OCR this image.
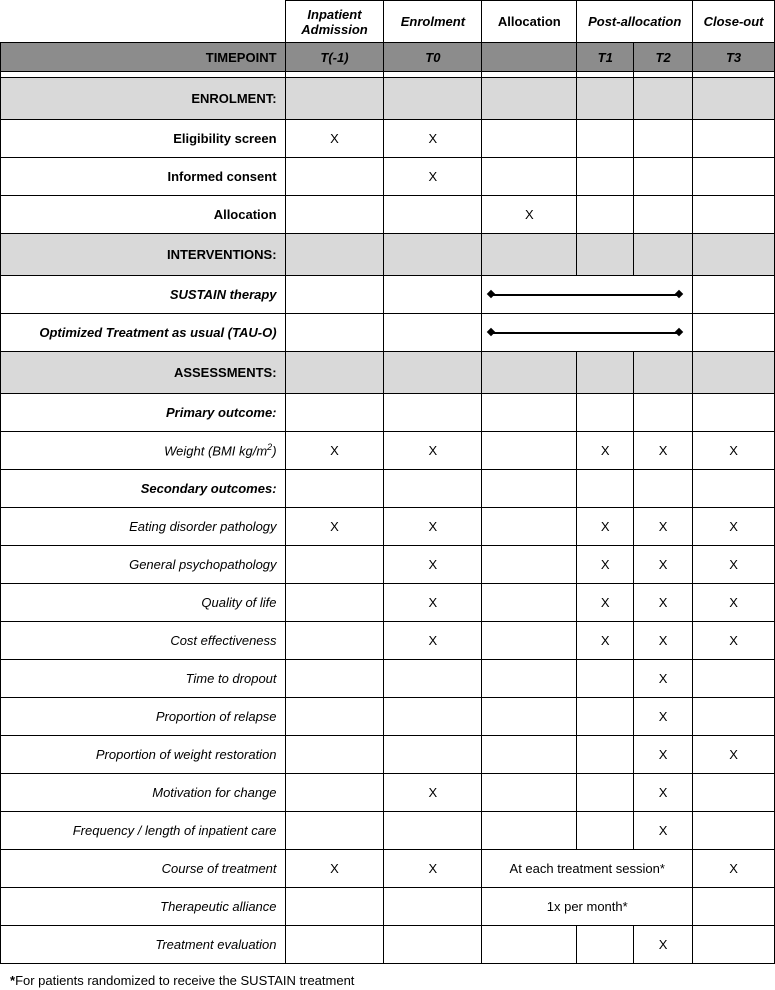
	Inpatient Admission	Enrolment	Allocation	Post-allocation		Close-out
TIMEPOINT	T(-1)	T0		T1	T2	T3

ENROLMENT:						
Eligibility screen	X	X				
Informed consent		X				
Allocation			X			
INTERVENTIONS:						
SUSTAIN therapy					

Optimized Treatment as usual (TAU-O)					

ASSESSMENTS:						
Primary outcome:						
Weight (BMI $kg/m^2$)	X	X		X	X	X
Secondary outcomes:						
Eating disorder pathology	X	X		X	X	X
General psychopathology		X		X	X	X
Quality of life		X		X	X	X
Cost effectiveness		X		X	X	X
Time to dropout					X	
Proportion of relapse					X	
Proportion of weight restoration					X	X
Motivation for change		X			X	
Frequency / length of inpatient care					X	
Course of treatment	X	X	At each treatment session*			X
Therapeutic alliance			1x per month*			
Treatment evaluation					X	
*For patients randomized to receive the SUSTAIN treatment
